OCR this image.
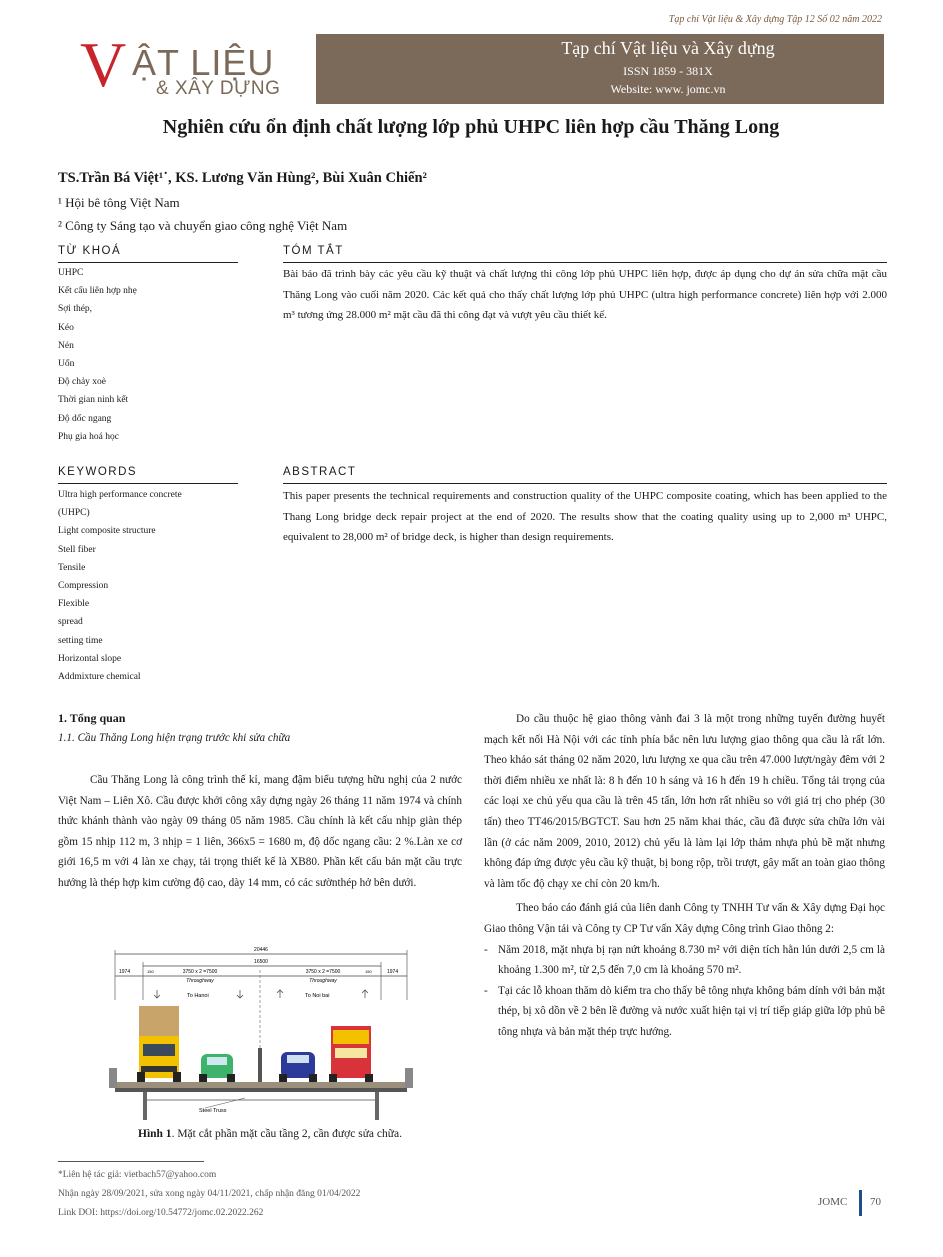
Tạp chí Vật liệu & Xây dựng Tập 12 Số 02 năm 2022
V ẬT LIỆU
& XÂY DỰNG
Tạp chí Vật liệu và Xây dựng
ISSN 1859 - 381X
Website: www. jomc.vn
Nghiên cứu ổn định chất lượng lớp phủ UHPC liên hợp cầu Thăng Long
TS.Trần Bá Việt¹˙, KS. Lương Văn Hùng², Bùi Xuân Chiến²
¹ Hội bê tông Việt Nam
² Công ty Sáng tạo và chuyển giao công nghệ Việt Nam
TỪ KHOÁ
UHPC
Kết cấu liên hợp nhẹ
Sợi thép,
Kéo
Nén
Uốn
Độ chảy xoè
Thời gian ninh kết
Độ dốc ngang
Phụ gia hoá học
TÓM TẮT
Bài báo đã trình bày các yêu cầu kỹ thuật và chất lượng thi công lớp phủ UHPC liên hợp, được áp dụng cho dự án sửa chữa mặt cầu Thăng Long vào cuối năm 2020. Các kết quả cho thấy chất lượng lớp phủ UHPC (ultra high performance concrete) liên hợp với 2.000 m³ tương ứng 28.000 m² mặt cầu đã thi công đạt và vượt yêu cầu thiết kế.
KEYWORDS
Ultra high performance concrete
(UHPC)
Light composite structure
Stell fiber
Tensile
Compression
Flexible
spread
setting time
Horizontal slope
Addmixture chemical
ABSTRACT
This paper presents the technical requirements and construction quality of the UHPC composite coating, which has been applied to the Thang Long bridge deck repair project at the end of 2020. The results show that the coating quality using up to 2,000 m³ UHPC, equivalent to 28,000 m² of bridge deck, is higher than design requirements.
1. Tổng quan
1.1. Cầu Thăng Long hiện trạng trước khi sửa chữa

Cầu Thăng Long là công trình thế kỉ, mang đậm biểu tượng hữu nghị của 2 nước Việt Nam – Liên Xô. Cầu được khởi công xây dựng ngày 26 tháng 11 năm 1974 và chính thức khánh thành vào ngày 09 tháng 05 năm 1985. Cầu chính là kết cấu nhịp giàn thép gồm 15 nhịp 112 m, 3 nhịp = 1 liên, 366x5 = 1680 m, độ dốc ngang cầu: 2 %.Làn xe cơ giới 16,5 m với 4 làn xe chạy, tải trọng thiết kế là XB80. Phần kết cấu bản mặt cầu trực hướng là thép hợp kim cường độ cao, dày 14 mm, có các sườnthép hở bên dưới.

20446
16500
1974	1974
150	150
3750 x 2 =7500	3750 x 2 =7500
Throughway	Throughway
To Hanoi	To Noi bai
Steel Truss
Hình 1. Mặt cắt phần mặt cầu tầng 2, cần được sửa chữa.

Do cầu thuộc hệ giao thông vành đai 3 là một trong những tuyến đường huyết mạch kết nối Hà Nội với các tỉnh phía bắc nên lưu lượng giao thông qua cầu là rất lớn. Theo khảo sát tháng 02 năm 2020, lưu lượng xe qua cầu trên 47.000 lượt/ngày đêm với 2 thời điểm nhiều xe nhất là: 8 h đến 10 h sáng và 16 h đến 19 h chiều. Tổng tải trọng của các loại xe chủ yếu qua cầu là trên 45 tấn, lớn hơn rất nhiều so với giá trị cho phép (30 tấn) theo TT46/2015/BGTCT. Sau hơn 25 năm khai thác, cầu đã được sửa chữa lớn vài lần (ở các năm 2009, 2010, 2012) chủ yếu là làm lại lớp thảm nhựa phủ bề mặt nhưng không đáp ứng được yêu cầu kỹ thuật, bị bong rộp, trồi trượt, gây mất an toàn giao thông và làm tốc độ chạy xe chỉ còn 20 km/h.

Theo báo cáo đánh giá của liên danh Công ty TNHH Tư vấn & Xây dựng Đại học Giao thông Vận tải và Công ty CP Tư vấn Xây dựng Công trình Giao thông 2:

- Năm 2018, mặt nhựa bị rạn nứt khoảng 8.730 m² với diện tích hằn lún dưới 2,5 cm là khoảng 1.300 m², từ 2,5 đến 7,0 cm là khoảng 570 m².
- Tại các lỗ khoan thăm dò kiểm tra cho thấy bê tông nhựa không bám dính với bản mặt thép, bị xô dồn về 2 bên lề đường và nước xuất hiện tại vị trí tiếp giáp giữa lớp phủ bê tông nhựa và bản mặt thép trực hướng.
*Liên hệ tác giả: vietbach57@yahoo.com
Nhận ngày 28/09/2021, sửa xong ngày 04/11/2021, chấp nhận đăng 01/04/2022
Link DOI: https://doi.org/10.54772/jomc.02.2022.262
JOMC 70
